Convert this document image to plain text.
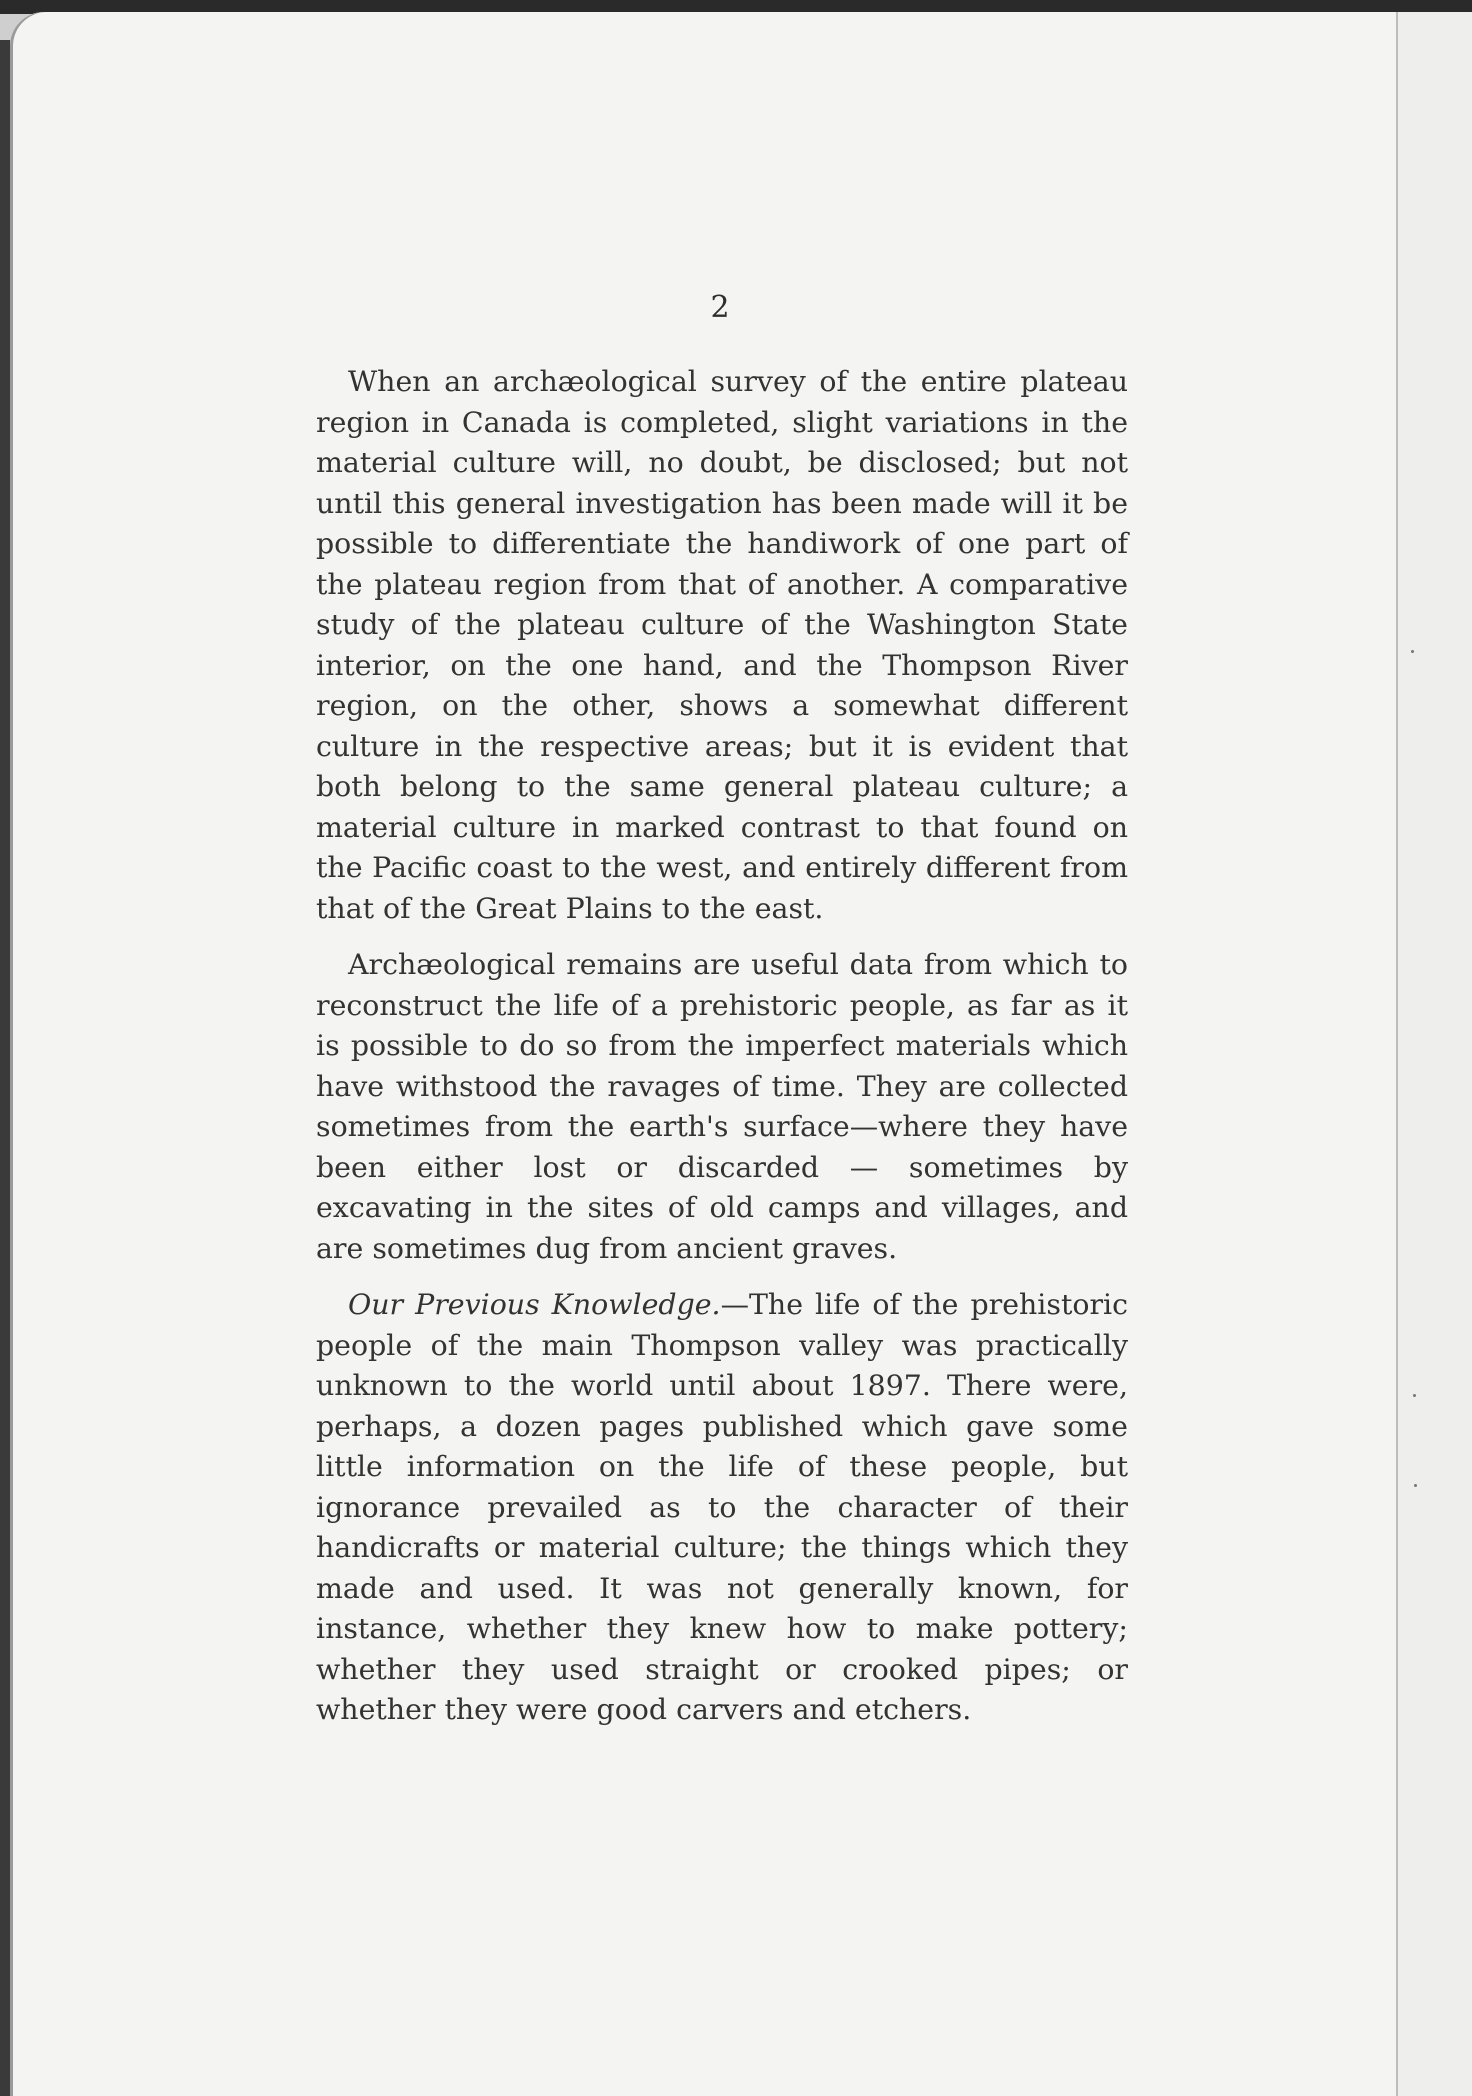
2

When an archæological survey of the entire plateau region in Canada is completed, slight variations in the material culture will, no doubt, be disclosed; but not until this general investigation has been made will it be possible to differentiate the handiwork of one part of the plateau region from that of another. A comparative study of the plateau culture of the Washington State interior, on the one hand, and the Thompson River region, on the other, shows a somewhat different culture in the respective areas; but it is evident that both belong to the same general plateau culture; a material culture in marked contrast to that found on the Pacific coast to the west, and entirely different from that of the Great Plains to the east.

Archæological remains are useful data from which to reconstruct the life of a prehistoric people, as far as it is possible to do so from the imperfect materials which have withstood the ravages of time. They are collected sometimes from the earth's surface—where they have been either lost or discarded — sometimes by excavating in the sites of old camps and villages, and are sometimes dug from ancient graves.

Our Previous Knowledge.—The life of the prehistoric people of the main Thompson valley was practically unknown to the world until about 1897. There were, perhaps, a dozen pages published which gave some little information on the life of these people, but ignorance prevailed as to the character of their handicrafts or material culture; the things which they made and used. It was not generally known, for instance, whether they knew how to make pottery; whether they used straight or crooked pipes; or whether they were good carvers and etchers.
